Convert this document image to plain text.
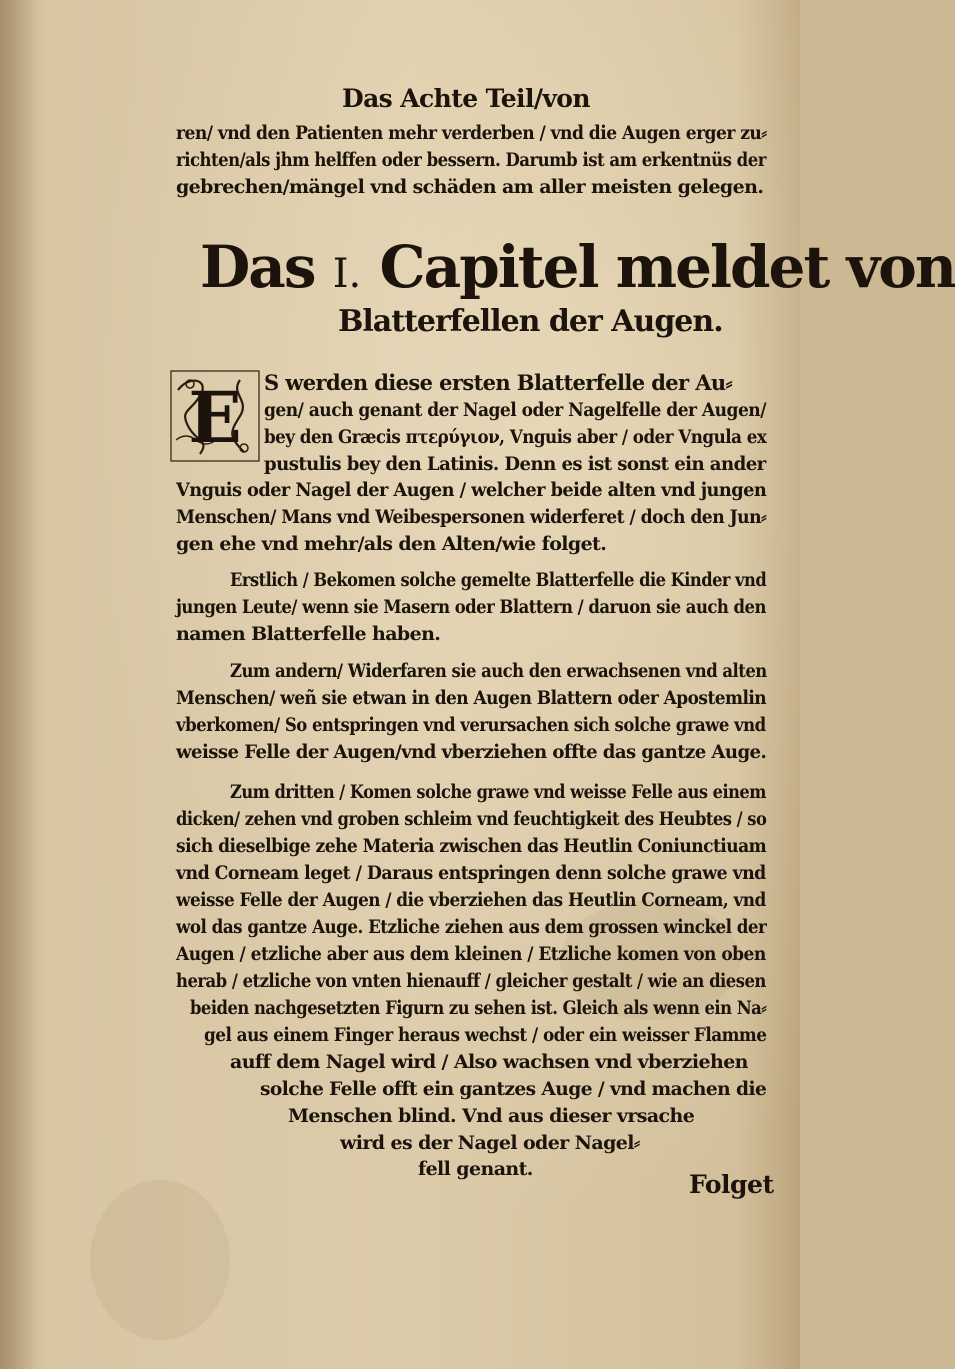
Das Achte Teil/von
ren/ vnd den Patienten mehr verderben / vnd die Augen erger zu⸗
richten/als jhm helffen oder bessern. Darumb ist am erkentnüs der
gebrechen/mängel vnd schäden am aller meisten gelegen.
Das I. Capitel meldet von
Blatterfellen der Augen.
E S werden diese ersten Blatterfelle der Au⸗
gen/ auch genant der Nagel oder Nagelfelle der Augen/
bey den Græcis πτερύγιον, Vnguis aber / oder Vngula ex
pustulis bey den Latinis. Denn es ist sonst ein ander
Vnguis oder Nagel der Augen / welcher beide alten vnd jungen
Menschen/ Mans vnd Weibespersonen widerferet / doch den Jun⸗
gen ehe vnd mehr/als den Alten/wie folget.
Erstlich / Bekomen solche gemelte Blatterfelle die Kinder vnd
jungen Leute/ wenn sie Masern oder Blattern / daruon sie auch den
namen Blatterfelle haben.
Zum andern/ Widerfaren sie auch den erwachsenen vnd alten
Menschen/ weñ sie etwan in den Augen Blattern oder Apostemlin
vberkomen/ So entspringen vnd verursachen sich solche grawe vnd
weisse Felle der Augen/vnd vberziehen offte das gantze Auge.
Zum dritten / Komen solche grawe vnd weisse Felle aus einem
dicken/ zehen vnd groben schleim vnd feuchtigkeit des Heubtes / so
sich dieselbige zehe Materia zwischen das Heutlin Coniunctiuam
vnd Corneam leget / Daraus entspringen denn solche grawe vnd
weisse Felle der Augen / die vberziehen das Heutlin Corneam, vnd
wol das gantze Auge. Etzliche ziehen aus dem grossen winckel der
Augen / etzliche aber aus dem kleinen / Etzliche komen von oben
herab / etzliche von vnten hienauff / gleicher gestalt / wie an diesen
beiden nachgesetzten Figurn zu sehen ist. Gleich als wenn ein Na⸗
gel aus einem Finger heraus wechst / oder ein weisser Flamme
auff dem Nagel wird / Also wachsen vnd vberziehen
solche Felle offt ein gantzes Auge / vnd machen die
Menschen blind. Vnd aus dieser vrsache
wird es der Nagel oder Nagel⸗
fell genant.
Folget
